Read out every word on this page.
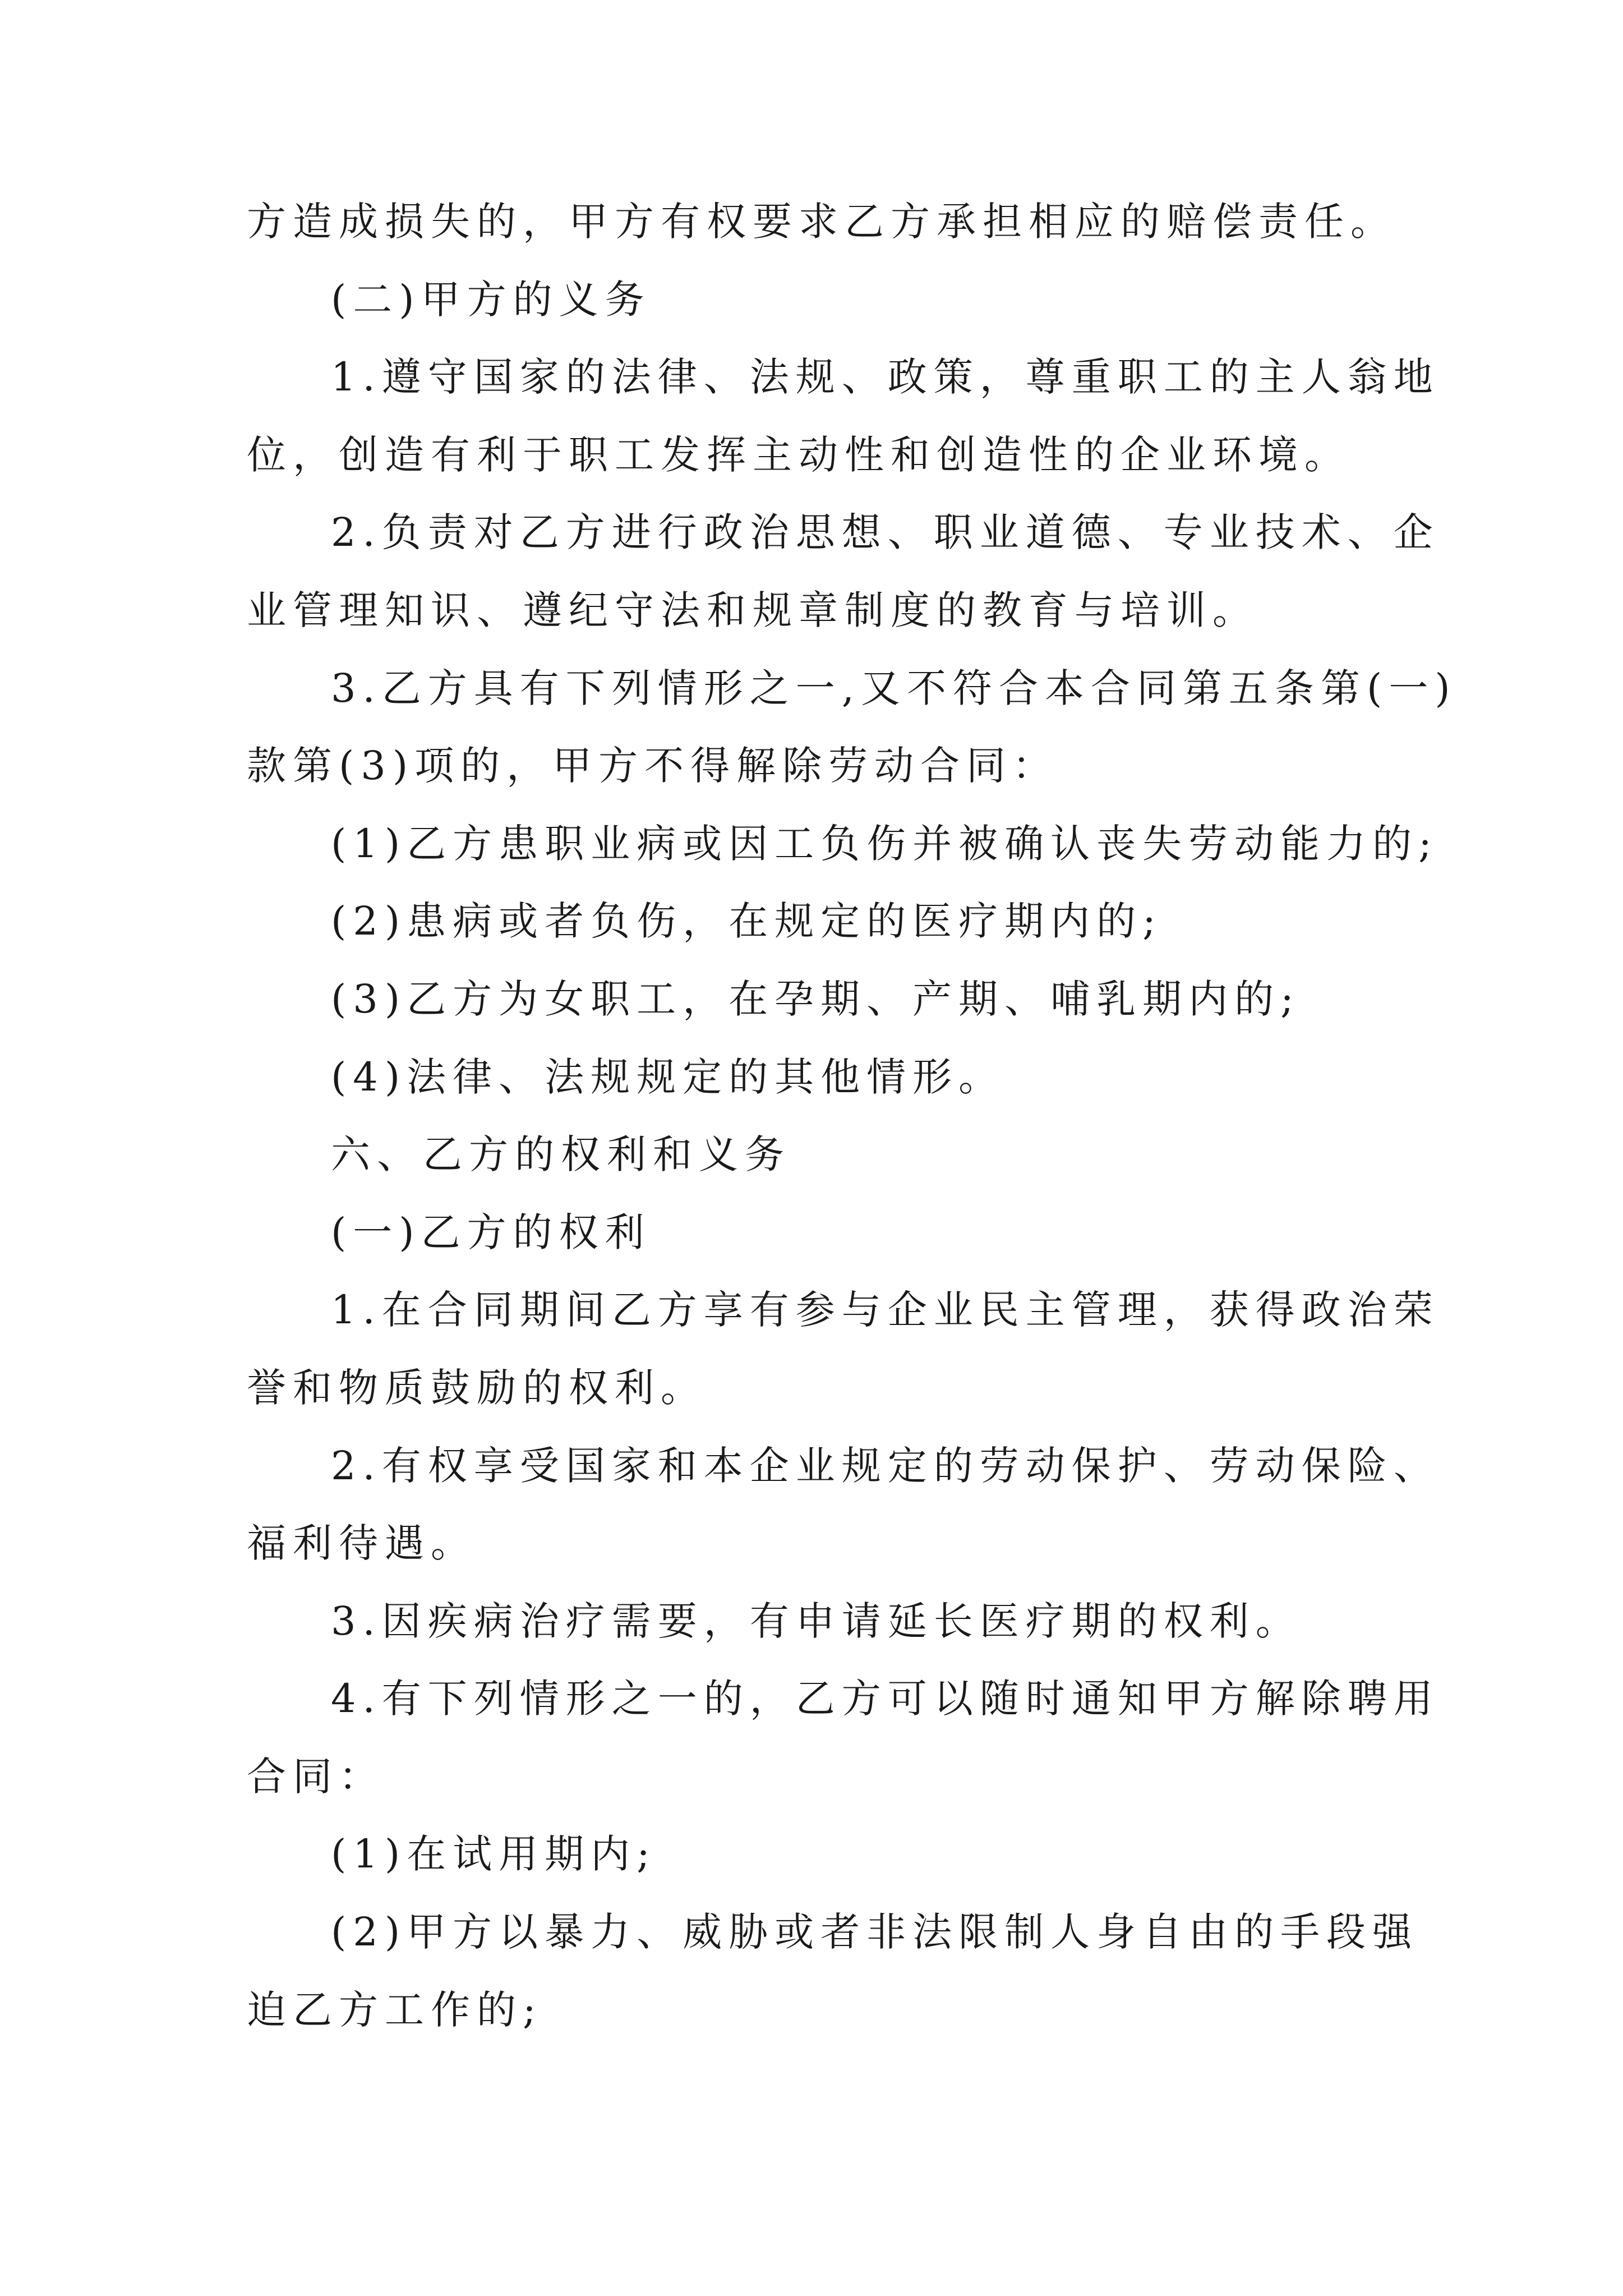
方造成损失的，甲方有权要求乙方承担相应的赔偿责任。
(二)甲方的义务
1.遵守国家的法律、法规、政策，尊重职工的主人翁地
位，创造有利于职工发挥主动性和创造性的企业环境。
2.负责对乙方进行政治思想、职业道德、专业技术、企
业管理知识、遵纪守法和规章制度的教育与培训。
3.乙方具有下列情形之一,又不符合本合同第五条第(一)
款第(3)项的，甲方不得解除劳动合同：
(1)乙方患职业病或因工负伤并被确认丧失劳动能力的;
(2)患病或者负伤，在规定的医疗期内的;
(3)乙方为女职工，在孕期、产期、哺乳期内的;
(4)法律、法规规定的其他情形。
六、乙方的权利和义务
(一)乙方的权利
1.在合同期间乙方享有参与企业民主管理，获得政治荣
誉和物质鼓励的权利。
2.有权享受国家和本企业规定的劳动保护、劳动保险、
福利待遇。
3.因疾病治疗需要，有申请延长医疗期的权利。
4.有下列情形之一的，乙方可以随时通知甲方解除聘用
合同：
(1)在试用期内;
(2)甲方以暴力、威胁或者非法限制人身自由的手段强
迫乙方工作的;
